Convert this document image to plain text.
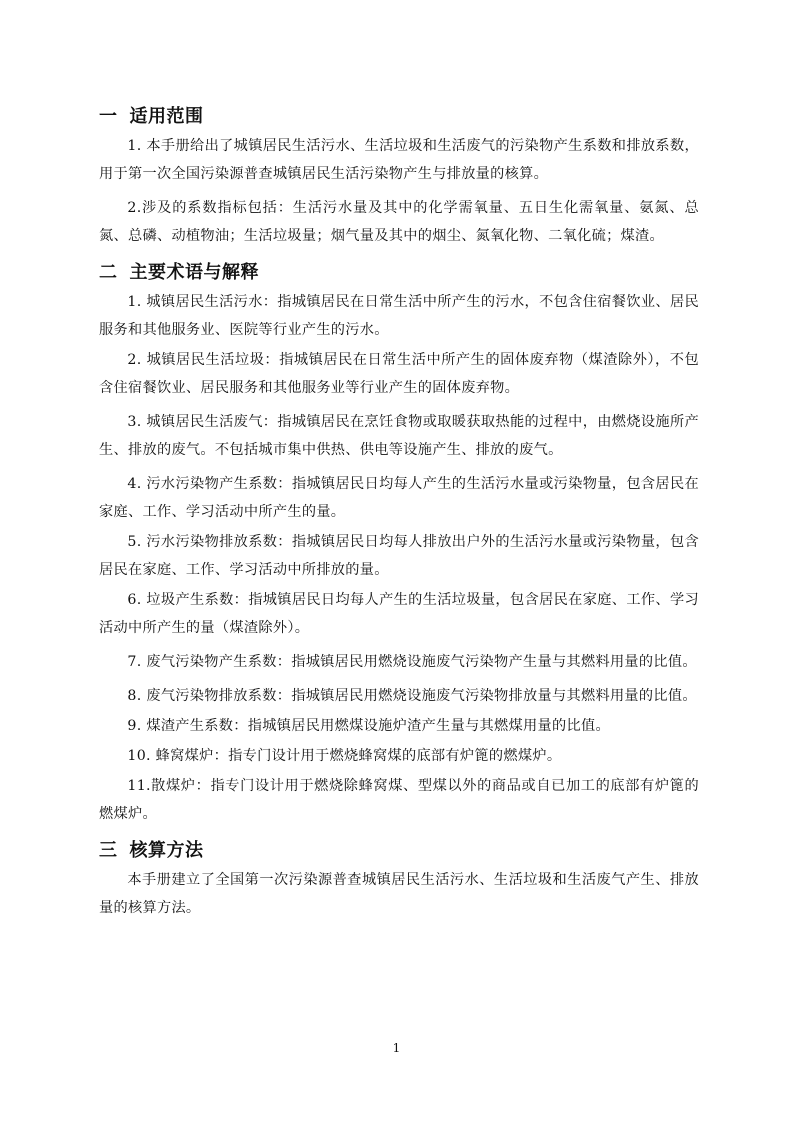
一 适用范围

1. 本手册给出了城镇居民生活污水、生活垃圾和生活废气的污染物产生系数和排放系数，用于第一次全国污染源普查城镇居民生活污染物产生与排放量的核算。

2.涉及的系数指标包括：生活污水量及其中的化学需氧量、五日生化需氧量、氨氮、总氮、总磷、动植物油；生活垃圾量；烟气量及其中的烟尘、氮氧化物、二氧化硫；煤渣。

二 主要术语与解释

1. 城镇居民生活污水：指城镇居民在日常生活中所产生的污水，不包含住宿餐饮业、居民服务和其他服务业、医院等行业产生的污水。

2. 城镇居民生活垃圾：指城镇居民在日常生活中所产生的固体废弃物（煤渣除外），不包含住宿餐饮业、居民服务和其他服务业等行业产生的固体废弃物。

3. 城镇居民生活废气：指城镇居民在烹饪食物或取暖获取热能的过程中，由燃烧设施所产生、排放的废气。不包括城市集中供热、供电等设施产生、排放的废气。

4. 污水污染物产生系数：指城镇居民日均每人产生的生活污水量或污染物量，包含居民在家庭、工作、学习活动中所产生的量。

5. 污水污染物排放系数：指城镇居民日均每人排放出户外的生活污水量或污染物量，包含居民在家庭、工作、学习活动中所排放的量。

6. 垃圾产生系数：指城镇居民日均每人产生的生活垃圾量，包含居民在家庭、工作、学习活动中所产生的量（煤渣除外）。

7. 废气污染物产生系数：指城镇居民用燃烧设施废气污染物产生量与其燃料用量的比值。

8. 废气污染物排放系数：指城镇居民用燃烧设施废气污染物排放量与其燃料用量的比值。

9. 煤渣产生系数：指城镇居民用燃煤设施炉渣产生量与其燃煤用量的比值。

10. 蜂窝煤炉：指专门设计用于燃烧蜂窝煤的底部有炉篦的燃煤炉。

11.散煤炉：指专门设计用于燃烧除蜂窝煤、型煤以外的商品或自已加工的底部有炉篦的燃煤炉。

三 核算方法

本手册建立了全国第一次污染源普查城镇居民生活污水、生活垃圾和生活废气产生、排放量的核算方法。

1
